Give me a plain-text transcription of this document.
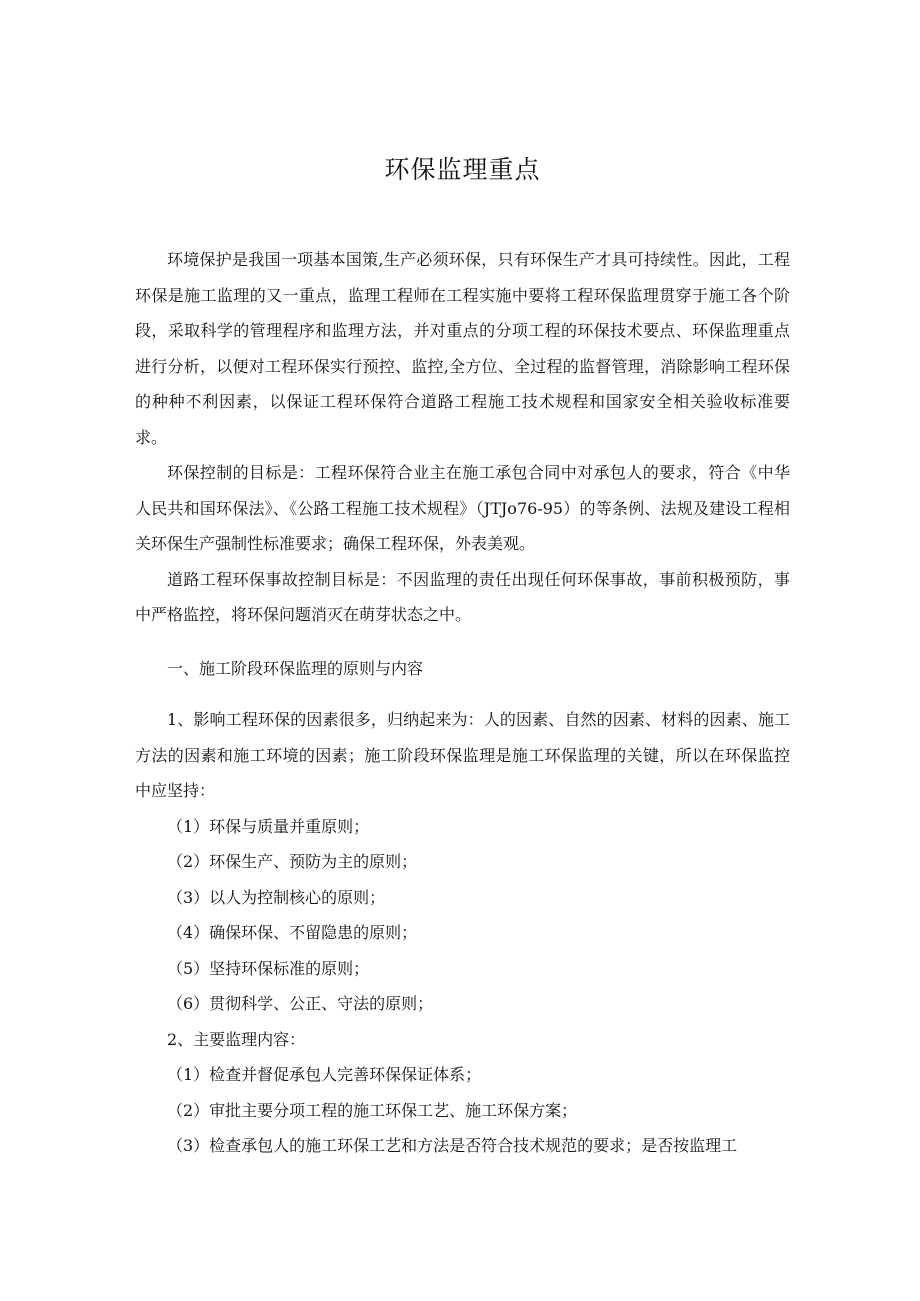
环保监理重点

环境保护是我国一项基本国策,生产必须环保，只有环保生产才具可持续性。因此，工程环保是施工监理的又一重点，监理工程师在工程实施中要将工程环保监理贯穿于施工各个阶段，采取科学的管理程序和监理方法，并对重点的分项工程的环保技术要点、环保监理重点进行分析，以便对工程环保实行预控、监控,全方位、全过程的监督管理，消除影响工程环保的种种不利因素，以保证工程环保符合道路工程施工技术规程和国家安全相关验收标准要求。

环保控制的目标是：工程环保符合业主在施工承包合同中对承包人的要求，符合《中华人民共和国环保法》、《公路工程施工技术规程》（JTJo76-95）的等条例、法规及建设工程相关环保生产强制性标准要求；确保工程环保，外表美观。

道路工程环保事故控制目标是：不因监理的责任出现任何环保事故，事前积极预防，事中严格监控，将环保问题消灭在萌芽状态之中。

一、施工阶段环保监理的原则与内容

1、影响工程环保的因素很多，归纳起来为：人的因素、自然的因素、材料的因素、施工方法的因素和施工环境的因素；施工阶段环保监理是施工环保监理的关键，所以在环保监控中应坚持：

（1）环保与质量并重原则；

（2）环保生产、预防为主的原则；

（3）以人为控制核心的原则；

（4）确保环保、不留隐患的原则；

（5）坚持环保标准的原则；

（6）贯彻科学、公正、守法的原则；

2、主要监理内容：

（1）检查并督促承包人完善环保保证体系；

（2）审批主要分项工程的施工环保工艺、施工环保方案；

（3）检查承包人的施工环保工艺和方法是否符合技术规范的要求；是否按监理工
